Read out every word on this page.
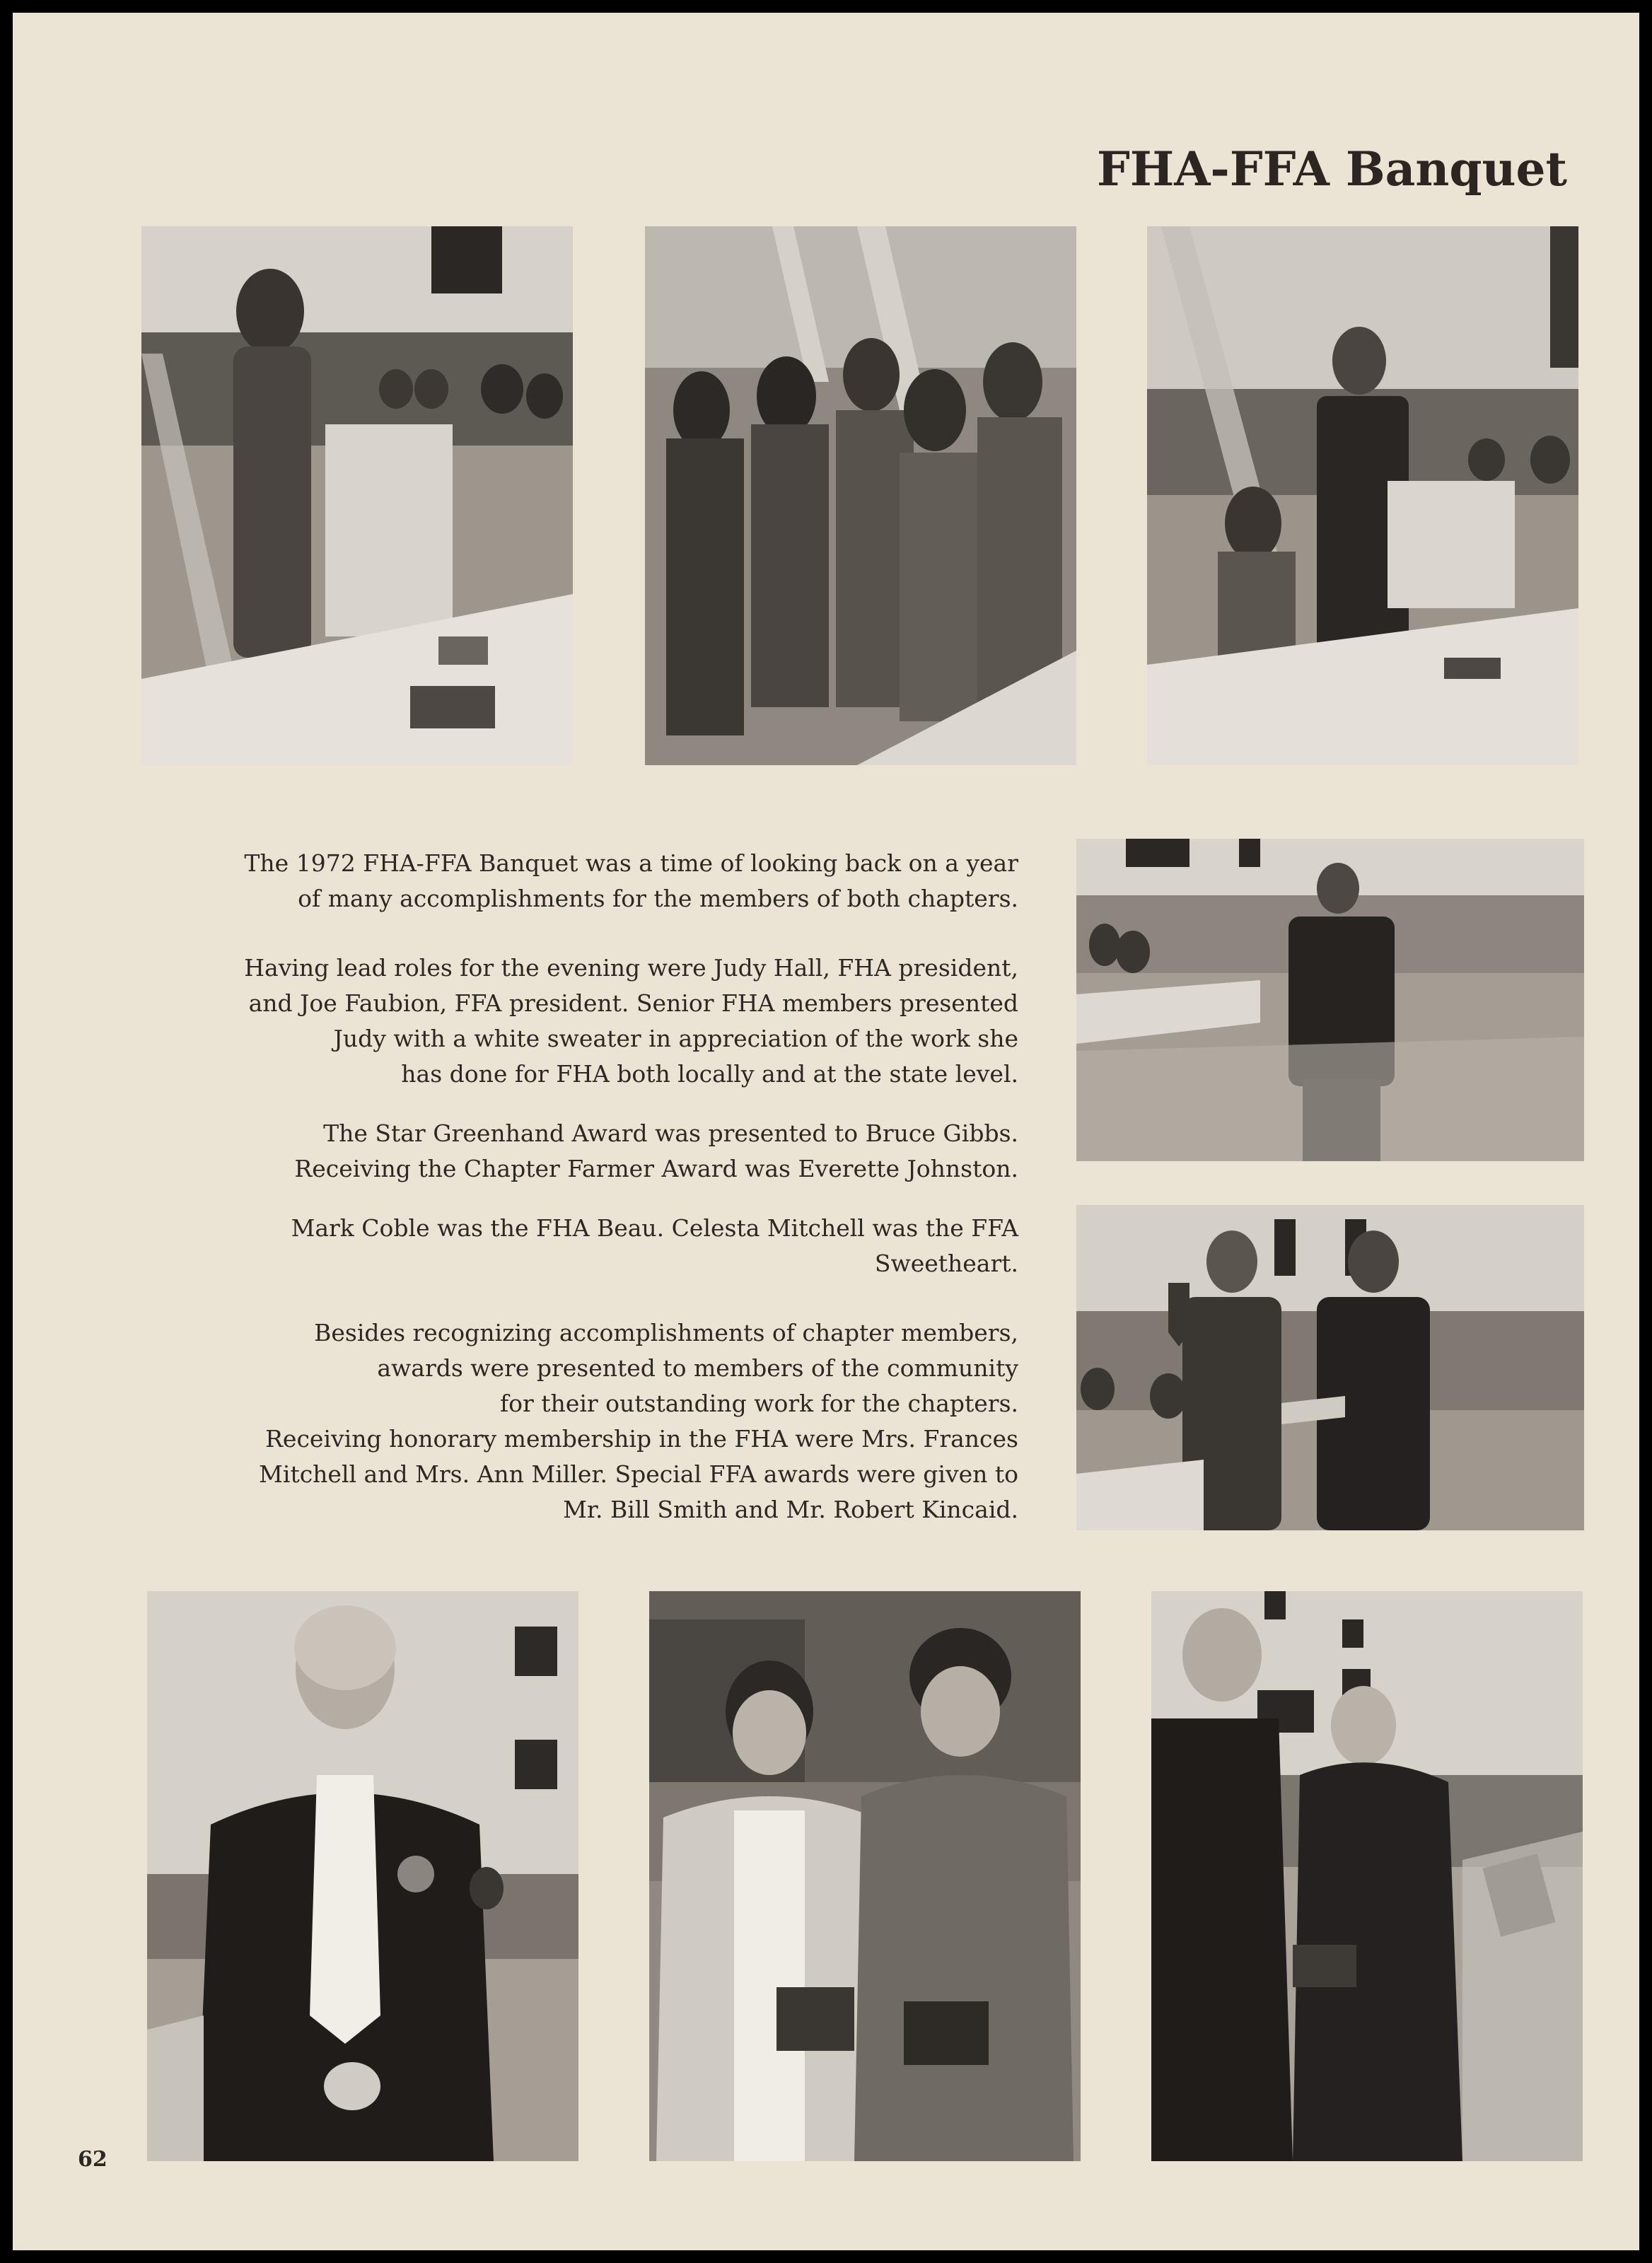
FHA-FFA Banquet

The 1972 FHA-FFA Banquet was a time of looking back on a year
of many accomplishments for the members of both chapters.

Having lead roles for the evening were Judy Hall, FHA president,
and Joe Faubion, FFA president. Senior FHA members presented
Judy with a white sweater in appreciation of the work she
has done for FHA both locally and at the state level.

The Star Greenhand Award was presented to Bruce Gibbs.
Receiving the Chapter Farmer Award was Everette Johnston.

Mark Coble was the FHA Beau. Celesta Mitchell was the FFA
Sweetheart.

Besides recognizing accomplishments of chapter members,
awards were presented to members of the community
for their outstanding work for the chapters.
Receiving honorary membership in the FHA were Mrs. Frances
Mitchell and Mrs. Ann Miller. Special FFA awards were given to
Mr. Bill Smith and Mr. Robert Kincaid.

62
